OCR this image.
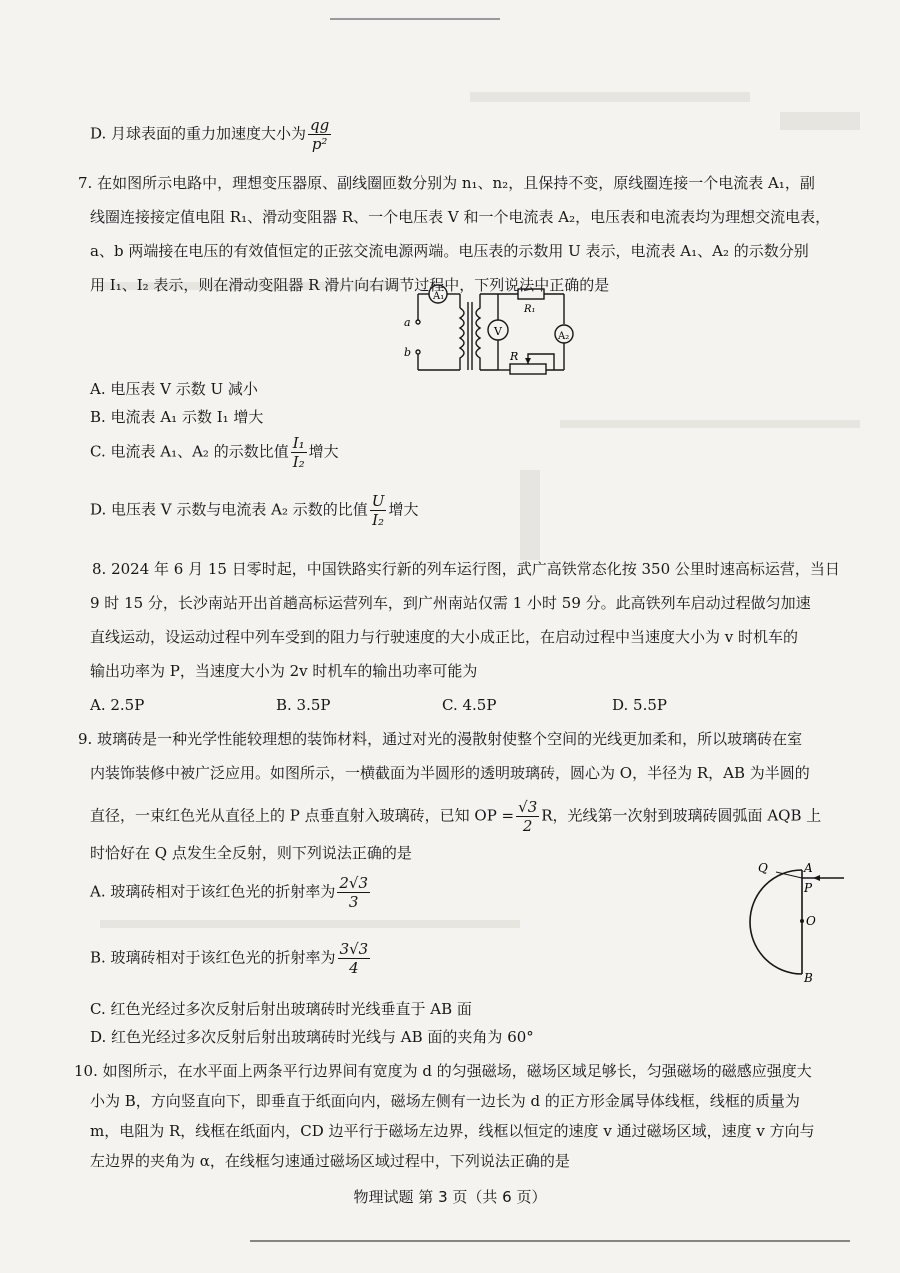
D. 月球表面的重力加速度大小为 $\frac{qg}{\text{p²}}$
7. 在如图所示电路中，理想变压器原、副线圈匝数分别为 n₁、n₂，且保持不变，原线圈连接一个电流表 A₁，副
线圈连接接定值电阻 R₁、滑动变阻器 R、一个电压表 V 和一个电流表 A₂，电压表和电流表均为理想交流电表，
a、b 两端接在电压的有效值恒定的正弦交流电源两端。电压表的示数用 U 表示，电流表 A₁、A₂ 的示数分别
用 I₁、I₂ 表示，则在滑动变阻器 R 滑片向右调节过程中，下列说法中正确的是
A₁
V	A₂
R₁
R
a
b
A. 电压表 V 示数 U 减小
B. 电流表 A₁ 示数 I₁ 增大
C. 电流表 A₁、A₂ 的示数比值 $\frac{\text{I₁}}{\text{I₂}}$ 增大
D. 电压表 V 示数与电流表 A₂ 示数的比值 $\frac{U}{\text{I₂}}$ 增大
8. 2024 年 6 月 15 日零时起，中国铁路实行新的列车运行图，武广高铁常态化按 350 公里时速高标运营，当日
9 时 15 分，长沙南站开出首趟高标运营列车，到广州南站仅需 1 小时 59 分。此高铁列车启动过程做匀加速
直线运动，设运动过程中列车受到的阻力与行驶速度的大小成正比，在启动过程中当速度大小为 v 时机车的
输出功率为 P，当速度大小为 2v 时机车的输出功率可能为
A. 2.5P	B. 3.5P	C. 4.5P	D. 5.5P
9. 玻璃砖是一种光学性能较理想的装饰材料，通过对光的漫散射使整个空间的光线更加柔和，所以玻璃砖在室
内装饰装修中被广泛应用。如图所示，一横截面为半圆形的透明玻璃砖，圆心为 O，半径为 R，AB 为半圆的
直径，一束红色光从直径上的 P 点垂直射入玻璃砖，已知 OP = $\frac{√3}{2}$ R，光线第一次射到玻璃砖圆弧面 AQB 上
时恰好在 Q 点发生全反射，则下列说法正确的是
A. 玻璃砖相对于该红色光的折射率为 $\frac{2√3}{3}$
B. 玻璃砖相对于该红色光的折射率为 $\frac{3√3}{4}$
C. 红色光经过多次反射后射出玻璃砖时光线垂直于 AB 面
D. 红色光经过多次反射后射出玻璃砖时光线与 AB 面的夹角为 60°
Q	A
P
O
B
10. 如图所示，在水平面上两条平行边界间有宽度为 d 的匀强磁场，磁场区域足够长，匀强磁场的磁感应强度大
小为 B，方向竖直向下，即垂直于纸面向内，磁场左侧有一边长为 d 的正方形金属导体线框，线框的质量为
m，电阻为 R，线框在纸面内，CD 边平行于磁场左边界，线框以恒定的速度 v 通过磁场区域，速度 v 方向与
左边界的夹角为 α，在线框匀速通过磁场区域过程中，下列说法正确的是
物理试题 第 3 页（共 6 页）
